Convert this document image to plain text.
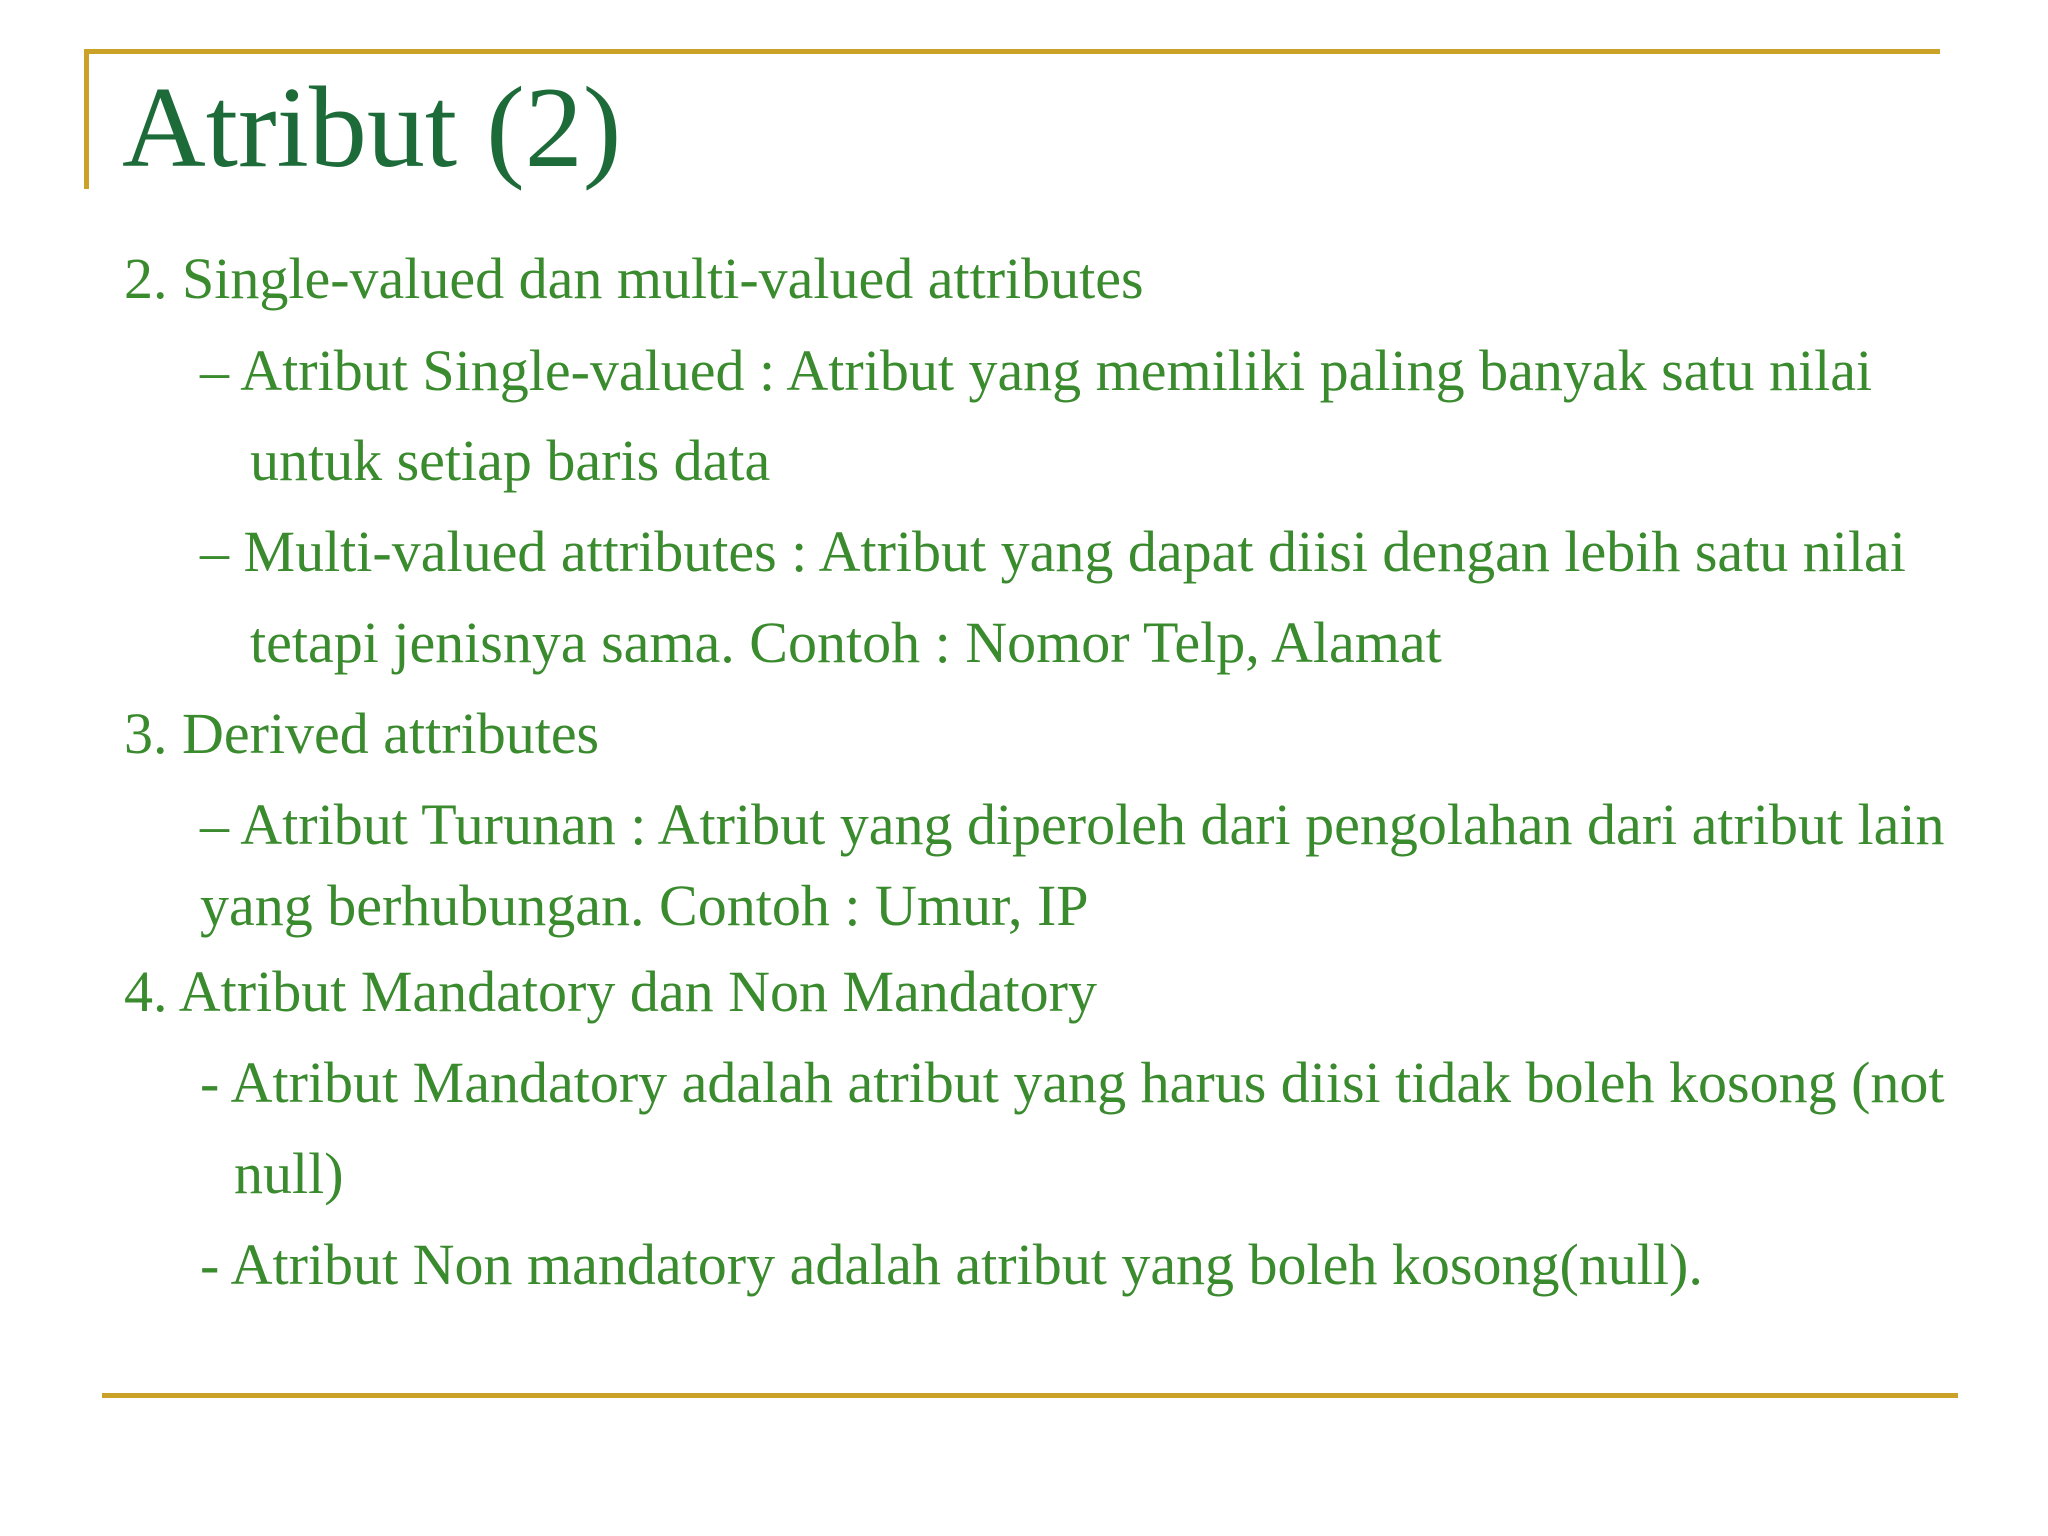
Atribut (2)
2. Single-valued dan multi-valued attributes
– Atribut Single-valued : Atribut yang memiliki paling banyak satu nilai
untuk setiap baris data
– Multi-valued attributes : Atribut yang dapat diisi dengan lebih satu nilai
tetapi jenisnya sama. Contoh : Nomor Telp, Alamat
3. Derived attributes
– Atribut Turunan : Atribut yang diperoleh dari pengolahan dari atribut lain
yang berhubungan. Contoh : Umur, IP
4. Atribut Mandatory dan Non Mandatory
- Atribut Mandatory adalah atribut yang harus diisi tidak boleh kosong (not
null)
- Atribut Non mandatory adalah atribut yang boleh kosong(null).
